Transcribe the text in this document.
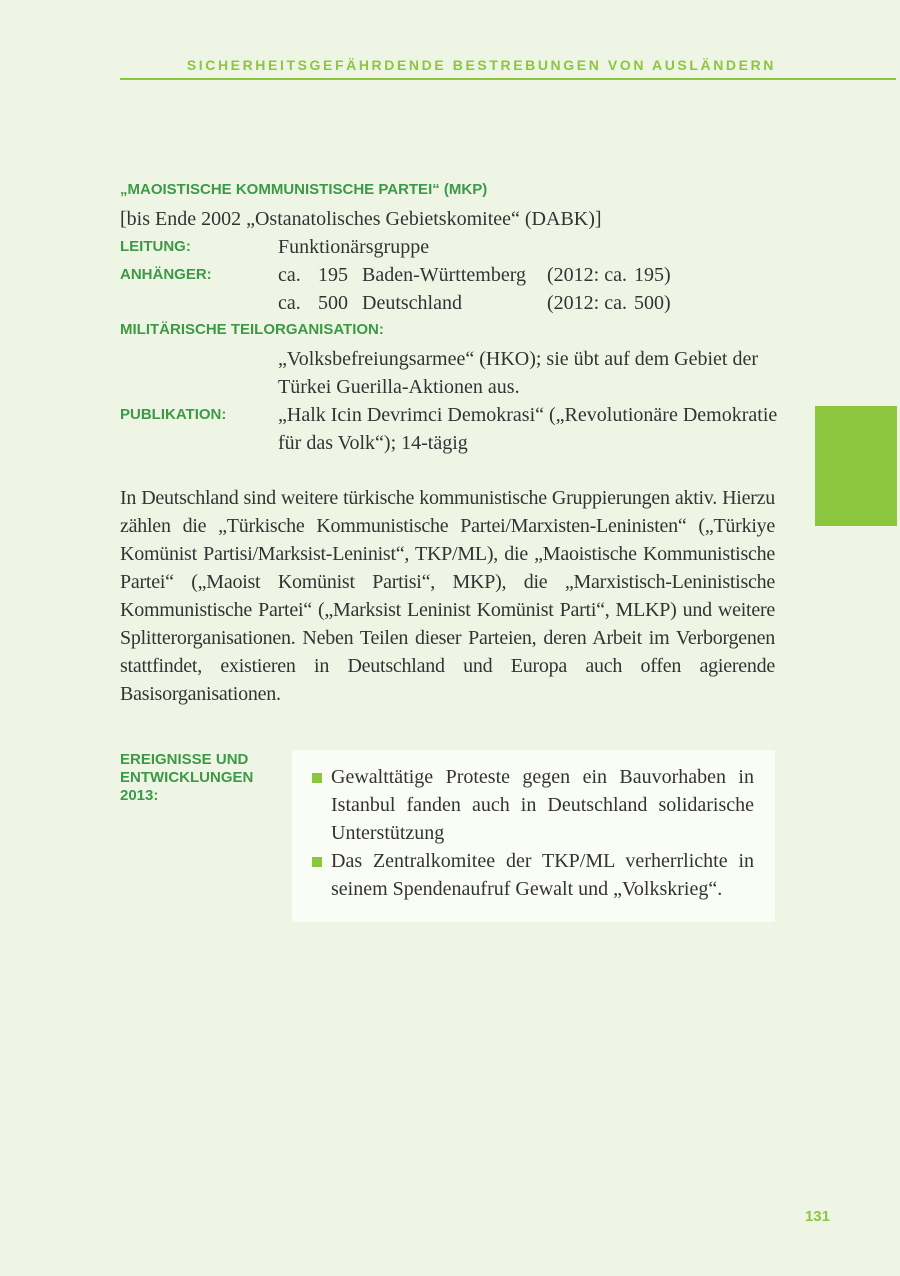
SICHERHEITSGEFÄHRDENDE BESTREBUNGEN VON AUSLÄNDERN
„MAOISTISCHE KOMMUNISTISCHE PARTEI“ (MKP)
[bis Ende 2002 „Ostanatolisches Gebietskomitee“ (DABK)]
LEITUNG:	Funktionärsgruppe
ANHÄNGER:	ca. 195 Baden-Württemberg (2012: ca. 195)
ca. 500 Deutschland	(2012: ca. 500)
MILITÄRISCHE TEILORGANISATION:
„Volksbefreiungsarmee“ (HKO); sie übt auf dem Gebiet der
Türkei Guerilla-Aktionen aus.
PUBLIKATION:	„Halk Icin Devrimci Demokrasi“ („Revolutionäre Demokratie
für das Volk“); 14-tägig

In Deutschland sind weitere türkische kommunistische Gruppierungen aktiv. Hierzu zählen die „Türkische Kommunistische Partei/Marxisten-Leninisten“ („Türkiye Komünist Partisi/Marksist-Leninist“, TKP/ML), die „Maoistische Kommunistische Partei“ („Maoist Komünist Partisi“, MKP), die „Marxistisch-Leninistische Kommunistische Partei“ („Marksist Leninist Komünist Parti“, MLKP) und weitere Splitterorganisationen. Neben Teilen dieser Parteien, deren Arbeit im Verborgenen stattfindet, existieren in Deutschland und Europa auch offen agierende Basisorganisationen.

EREIGNISSE UND
ENTWICKLUNGEN
2013:
Gewalttätige Proteste gegen ein Bauvorhaben in Istanbul fanden auch in Deutschland solidarische Unterstützung
Das Zentralkomitee der TKP/ML verherrlichte in seinem Spendenaufruf Gewalt und „Volkskrieg“.
131
